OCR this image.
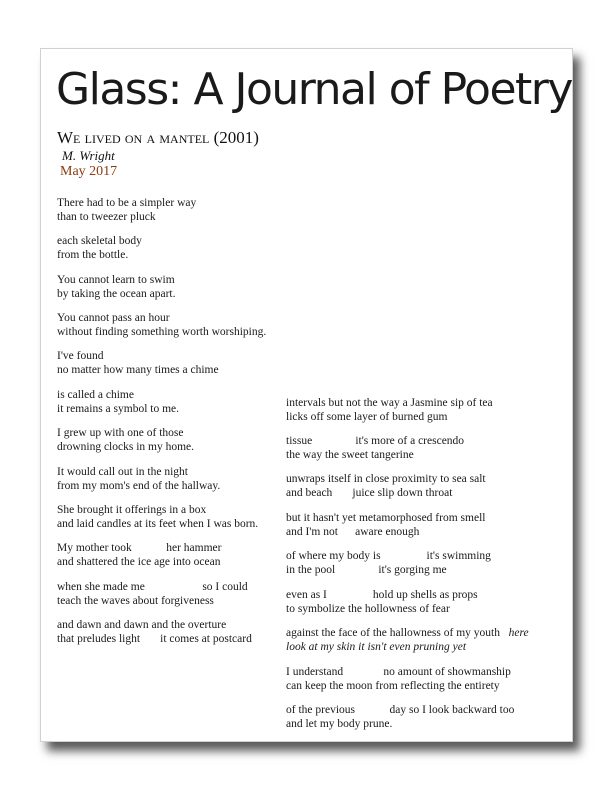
Glass: A Journal of Poetry
We lived on a mantel (2001)
M. Wright
May 2017

There had to be a simpler way
than to tweezer pluck

each skeletal body
from the bottle.

You cannot learn to swim
by taking the ocean apart.

You cannot pass an hour
without finding something worth worshiping.

I've found
no matter how many times a chime

is called a chime
it remains a symbol to me.

I grew up with one of those
drowning clocks in my home.

It would call out in the night
from my mom's end of the hallway.

She brought it offerings in a box
and laid candles at its feet when I was born.

My mother took            her hammer
and shattered the ice age into ocean

when she made me                    so I could
teach the waves about forgiveness

and dawn and dawn and the overture
that preludes light       it comes at postcard

intervals but not the way a Jasmine sip of tea
licks off some layer of burned gum

tissue               it's more of a crescendo
the way the sweet tangerine

unwraps itself in close proximity to sea salt
and beach       juice slip down throat

but it hasn't yet metamorphosed from smell
and I'm not      aware enough

of where my body is                it's swimming
in the pool               it's gorging me

even as I                hold up shells as props
to symbolize the hollowness of fear

against the face of the hallowness of my youth here
look at my skin it isn't even pruning yet

I understand              no amount of showmanship
can keep the moon from reflecting the entirety

of the previous            day so I look backward too
and let my body prune.
